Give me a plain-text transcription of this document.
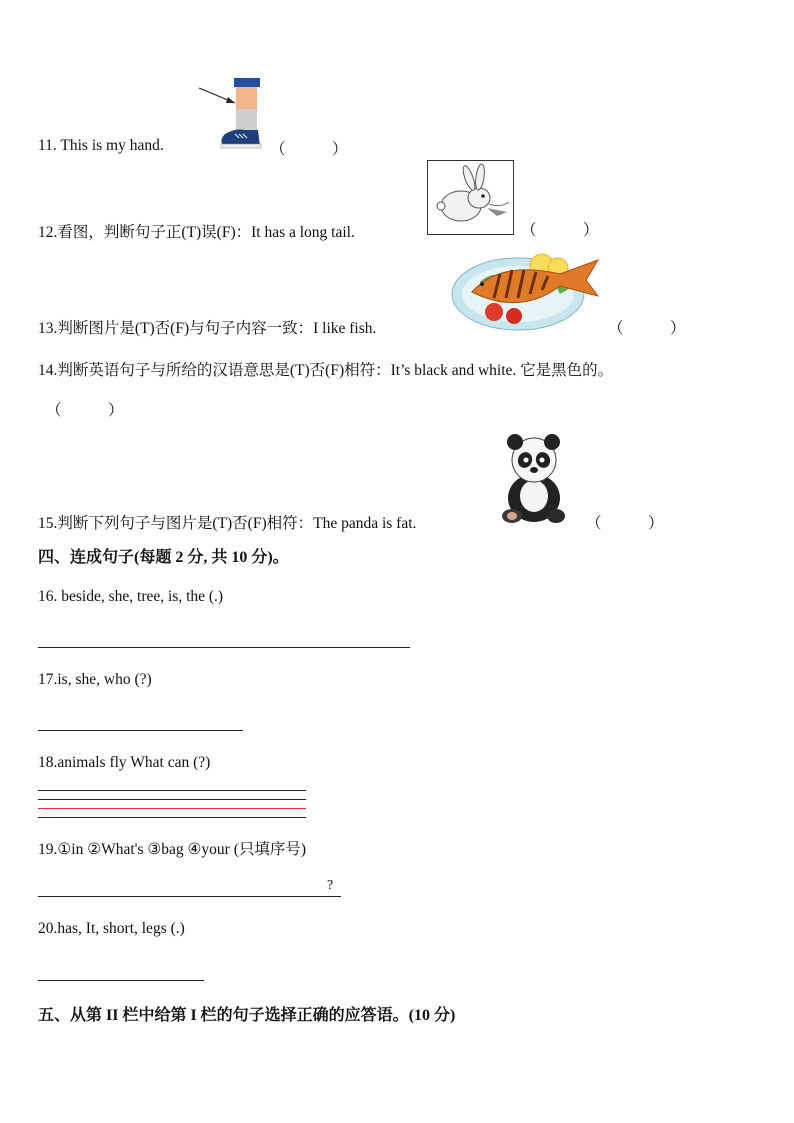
11. This is my hand.	（　　　）
12.看图，判断句子正(T)误(F)：It has a long tail.	（　　　）
13.判断图片是(T)否(F)与句子内容一致：I like fish.	（　　　）
14.判断英语句子与所给的汉语意思是(T)否(F)相符：It’s black and white. 它是黑色的。
（　　　）
15.判断下列句子与图片是(T)否(F)相符：The panda is fat.	（　　　）
四、连成句子(每题 2 分, 共 10 分)。
16. beside, she, tree, is, the (.)
17.is, she, who (?)
18.animals fly What can (?)
19.①in ②What's ③bag ④your (只填序号)
?
20.has, It, short, legs (.)
五、从第 II 栏中给第 I 栏的句子选择正确的应答语。(10 分)
